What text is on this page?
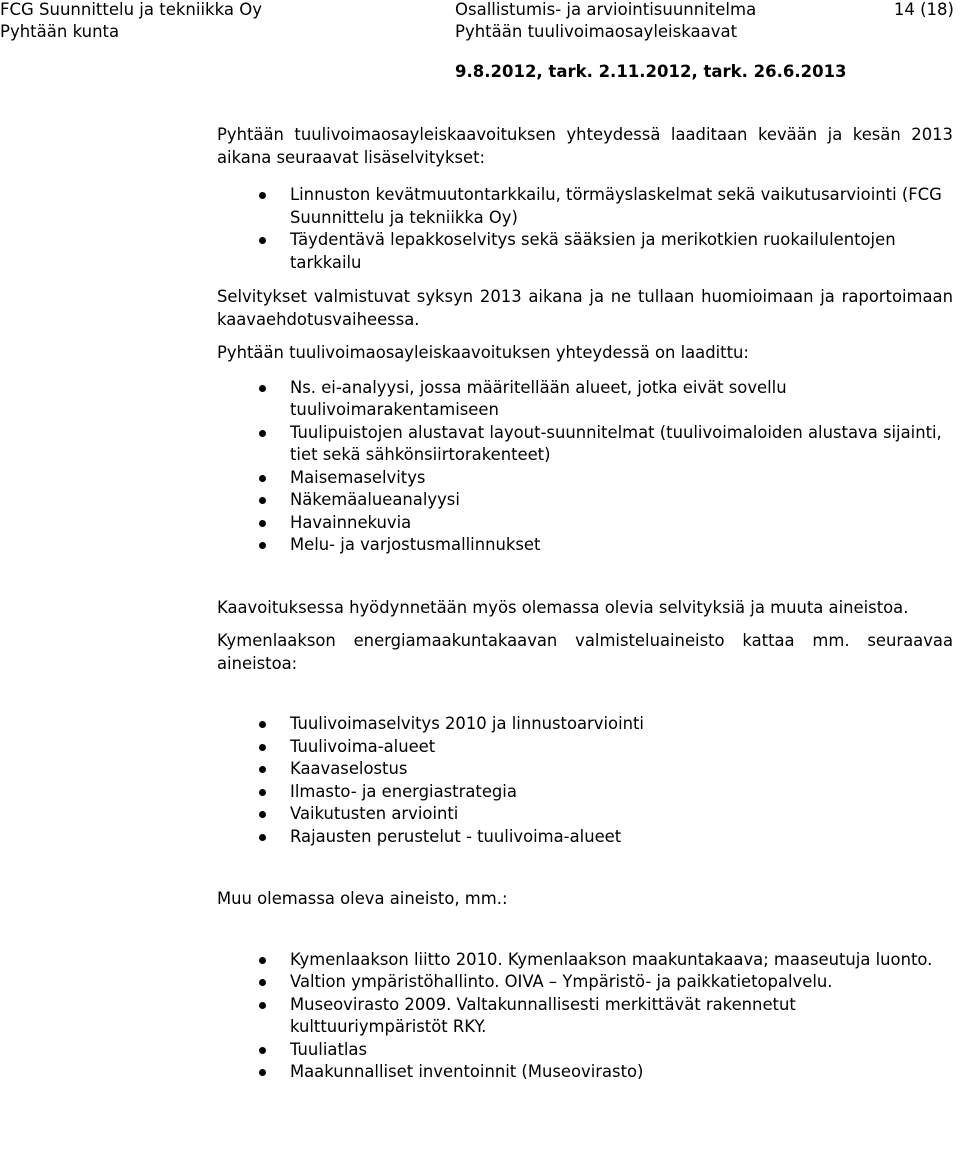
FCG Suunnittelu ja tekniikka Oy
Pyhtään kunta
Osallistumis- ja arviointisuunnitelma
Pyhtään tuulivoimaosayleiskaavat
14 (18)
9.8.2012, tark. 2.11.2012, tark. 26.6.2013

Pyhtään tuulivoimaosayleiskaavoituksen yhteydessä laaditaan kevään ja kesän 2013 aikana seuraavat lisäselvitykset:

Linnuston kevätmuutontarkkailu, törmäyslaskelmat sekä vaikutusarviointi (FCG Suunnittelu ja tekniikka Oy)
Täydentävä lepakkoselvitys sekä sääksien ja merikotkien ruokailulentojen tarkkailu

Selvitykset valmistuvat syksyn 2013 aikana ja ne tullaan huomioimaan ja raportoimaan kaavaehdotusvaiheessa.

Pyhtään tuulivoimaosayleiskaavoituksen yhteydessä on laadittu:

Ns. ei-analyysi, jossa määritellään alueet, jotka eivät sovellu tuulivoimarakentamiseen
Tuulipuistojen alustavat layout-suunnitelmat (tuulivoimaloiden alustava sijainti, tiet sekä sähkönsiirtorakenteet)
Maisemaselvitys
Näkemäalueanalyysi
Havainnekuvia
Melu- ja varjostusmallinnukset

Kaavoituksessa hyödynnetään myös olemassa olevia selvityksiä ja muuta aineistoa.

Kymenlaakson energiamaakuntakaavan valmisteluaineisto kattaa mm. seuraavaa aineistoa:

Tuulivoimaselvitys 2010 ja linnustoarviointi
Tuulivoima-alueet
Kaavaselostus
Ilmasto- ja energiastrategia
Vaikutusten arviointi
Rajausten perustelut - tuulivoima-alueet

Muu olemassa oleva aineisto, mm.:

Kymenlaakson liitto 2010. Kymenlaakson maakuntakaava; maaseutuja luonto.
Valtion ympäristöhallinto. OIVA – Ympäristö- ja paikkatietopalvelu.
Museovirasto 2009. Valtakunnallisesti merkittävät rakennetut kulttuuriympäristöt RKY.
Tuuliatlas
Maakunnalliset inventoinnit (Museovirasto)
